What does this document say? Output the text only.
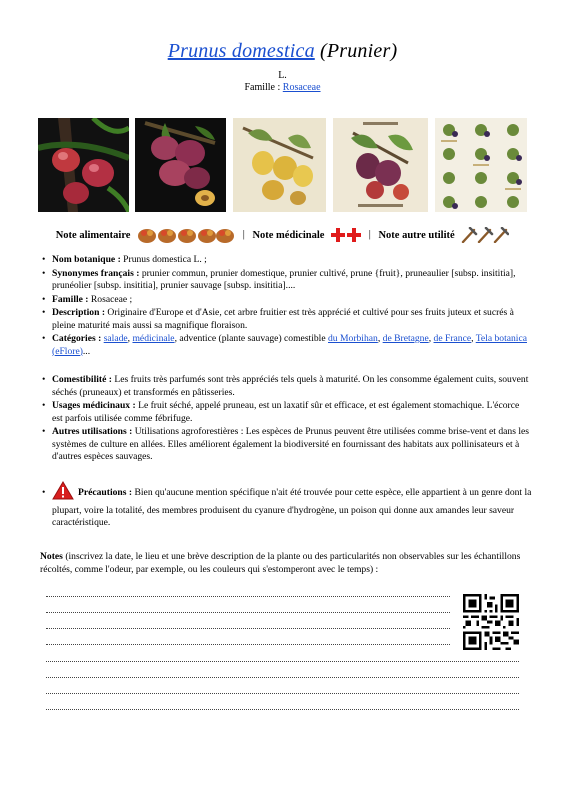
Prunus domestica (Prunier)
L.
Famille : Rosaceae
Note alimentaire	| Note médicinale	| Note autre utilité
• Nom botanique : Prunus domestica L. ;
• Synonymes français : prunier commun, prunier domestique, prunier cultivé, prune {fruit}, pruneaulier [subsp. insititia], prunéolier [subsp. insititia], prunier sauvage [subsp. insititia]....
• Famille : Rosaceae ;
• Description : Originaire d'Europe et d'Asie, cet arbre fruitier est très apprécié et cultivé pour ses fruits juteux et sucrés à pleine maturité mais aussi sa magnifique floraison.
• Catégories : salade, médicinale, adventice (plante sauvage) comestible du Morbihan, de Bretagne, de France, Tela botanica (eFlore)...
• Comestibilité : Les fruits très parfumés sont très appréciés tels quels à maturité. On les consomme également cuits, souvent séchés (pruneaux) et transformés en pâtisseries.
• Usages médicinaux : Le fruit séché, appelé pruneau, est un laxatif sûr et efficace, et est également stomachique. L'écorce est parfois utilisée comme fébrifuge.
• Autres utilisations : Utilisations agroforestières : Les espèces de Prunus peuvent être utilisées comme brise-vent et dans les systèmes de culture en allées. Elles améliorent également la biodiversité en fournissant des habitats aux pollinisateurs et à d'autres espèces sauvages.
• Précautions : Bien qu'aucune mention spécifique n'ait été trouvée pour cette espèce, elle appartient à un genre dont la plupart, voire la totalité, des membres produisent du cyanure d'hydrogène, un poison qui donne aux amandes leur saveur caractéristique.
Notes (inscrivez la date, le lieu et une brève description de la plante ou des particularités non observables sur les échantillons récoltés, comme l'odeur, par exemple, ou les couleurs qui s'estomperont avec le temps) :
